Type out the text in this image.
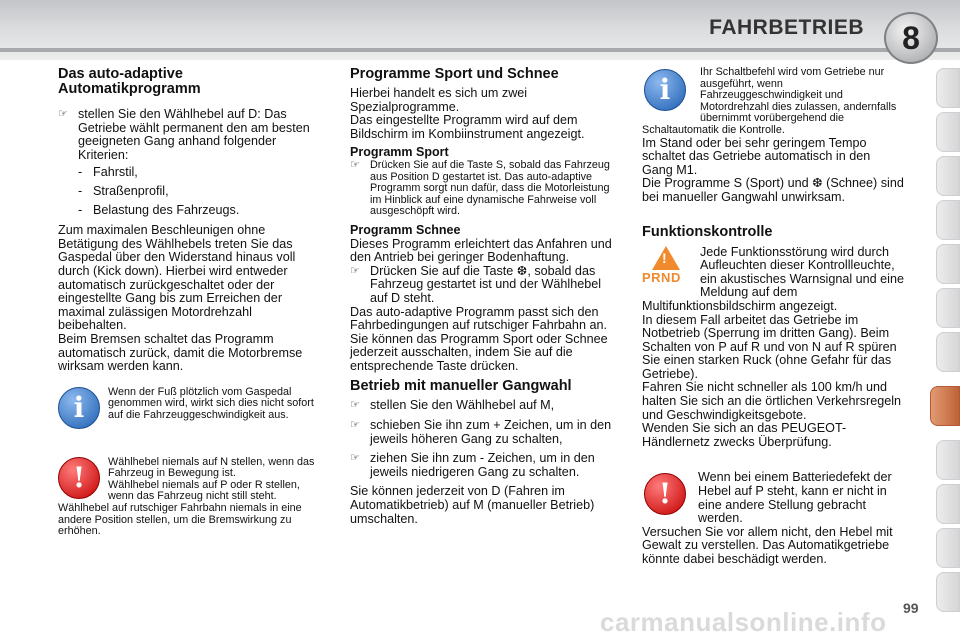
FAHRBETRIEB	8

Das auto-adaptive Automatikprogramm

☞ stellen Sie den Wählhebel auf D: Das Getriebe wählt permanent den am besten geeigneten Gang anhand folgender Kriterien:
- Fahrstil,
- Straßenprofil,
- Belastung des Fahrzeugs.

Zum maximalen Beschleunigen ohne Betätigung des Wählhebels treten Sie das Gaspedal über den Widerstand hinaus voll durch (Kick down). Hierbei wird entweder automatisch zurückgeschaltet oder der eingestellte Gang bis zum Erreichen der maximal zulässigen Motordrehzahl beibehalten.

Beim Bremsen schaltet das Programm automatisch zurück, damit die Motorbremse wirksam werden kann.

i	Wenn der Fuß plötzlich vom Gaspedal genommen wird, wirkt sich dies nicht sofort auf die Fahrzeuggeschwindigkeit aus.

!	Wählhebel niemals auf N stellen, wenn das Fahrzeug in Bewegung ist.

Wählhebel niemals auf P oder R stellen, wenn das Fahrzeug nicht still steht.

Wählhebel auf rutschiger Fahrbahn niemals in eine andere Position stellen, um die Bremswirkung zu erhöhen.

Programme Sport und Schnee

Hierbei handelt es sich um zwei Spezialprogramme.

Das eingestellte Programm wird auf dem Bildschirm im Kombiinstrument angezeigt.

Programm Sport

☞ Drücken Sie auf die Taste S, sobald das Fahrzeug aus Position D gestartet ist. Das auto-adaptive Programm sorgt nun dafür, dass die Motorleistung im Hinblick auf eine dynamische Fahrweise voll ausgeschöpft wird.

Programm Schnee

Dieses Programm erleichtert das Anfahren und den Antrieb bei geringer Bodenhaftung.

☞ Drücken Sie auf die Taste ❆, sobald das Fahrzeug gestartet ist und der Wählhebel auf D steht.

Das auto-adaptive Programm passt sich den Fahrbedingungen auf rutschiger Fahrbahn an. Sie können das Programm Sport oder Schnee jederzeit ausschalten, indem Sie auf die entsprechende Taste drücken.

Betrieb mit manueller Gangwahl

☞ stellen Sie den Wählhebel auf M,
☞ schieben Sie ihn zum + Zeichen, um in den jeweils höheren Gang zu schalten,
☞ ziehen Sie ihn zum - Zeichen, um in den jeweils niedrigeren Gang zu schalten.

Sie können jederzeit von D (Fahren im Automatikbetrieb) auf M (manueller Betrieb) umschalten.

i

Ihr Schaltbefehl wird vom Getriebe nur ausgeführt, wenn Fahrzeuggeschwindigkeit und Motordrehzahl dies zulassen, andernfalls übernimmt vorübergehend die Schaltautomatik die Kontrolle.

Im Stand oder bei sehr geringem Tempo schaltet das Getriebe automatisch in den Gang M1.

Die Programme S (Sport) und ❆ (Schnee) sind bei manueller Gangwahl unwirksam.

Funktionskontrolle

!
PRND

Jede Funktionsstörung wird durch Aufleuchten dieser Kontrollleuchte, ein akustisches Warnsignal und eine Meldung auf dem Multifunktionsbildschirm angezeigt.

In diesem Fall arbeitet das Getriebe im Notbetrieb (Sperrung im dritten Gang). Beim Schalten von P auf R und von N auf R spüren Sie einen starken Ruck (ohne Gefahr für das Getriebe).

Fahren Sie nicht schneller als 100 km/h und halten Sie sich an die örtlichen Verkehrsregeln und Geschwindigkeitsgebote.

Wenden Sie sich an das PEUGEOT-Händlernetz zwecks Überprüfung.

!	Wenn bei einem Batteriedefekt der Hebel auf P steht, kann er nicht in eine andere Stellung gebracht werden.

Versuchen Sie vor allem nicht, den Hebel mit Gewalt zu verstellen. Das Automatikgetriebe könnte dabei beschädigt werden.

carmanualsonline.info 99
